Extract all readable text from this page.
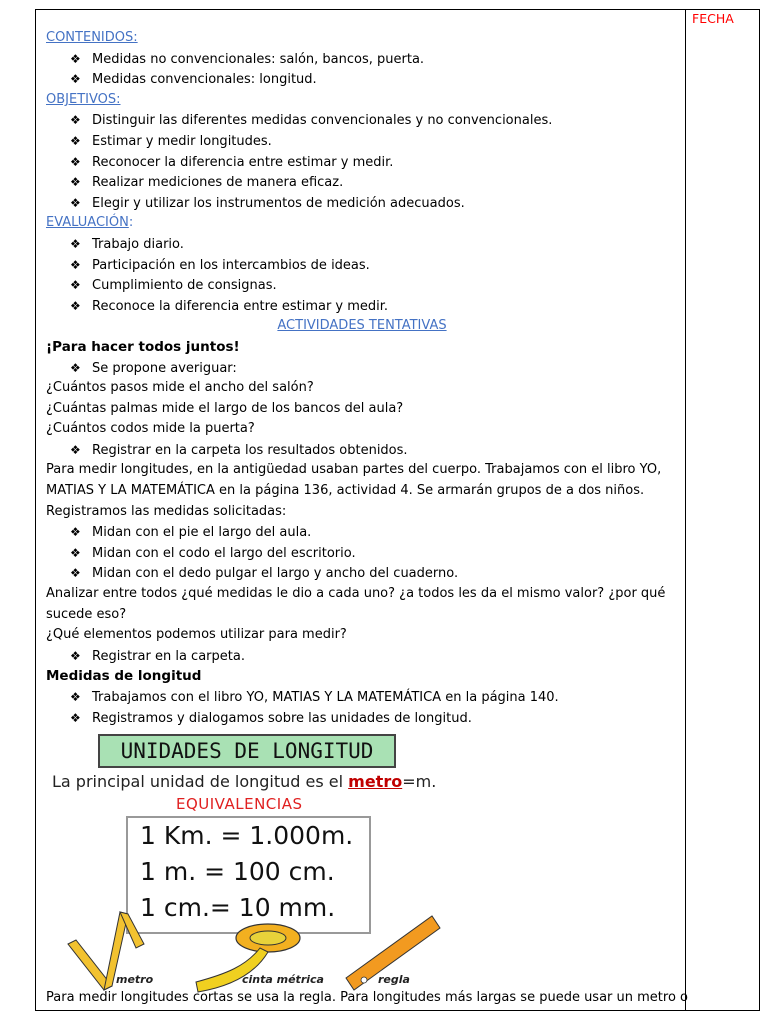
FECHA
CONTENIDOS:
❖ Medidas no convencionales: salón, bancos, puerta.
❖ Medidas convencionales: longitud.
OBJETIVOS:
❖ Distinguir las diferentes medidas convencionales y no convencionales.
❖ Estimar y medir longitudes.
❖ Reconocer la diferencia entre estimar y medir.
❖ Realizar mediciones de manera eficaz.
❖ Elegir y utilizar los instrumentos de medición adecuados.
EVALUACIÓN:
❖ Trabajo diario.
❖ Participación en los intercambios de ideas.
❖ Cumplimiento de consignas.
❖ Reconoce la diferencia entre estimar y medir.
ACTIVIDADES TENTATIVAS
¡Para hacer todos juntos!
❖ Se propone averiguar:
¿Cuántos pasos mide el ancho del salón?
¿Cuántas palmas mide el largo de los bancos del aula?
¿Cuántos codos mide la puerta?
❖ Registrar en la carpeta los resultados obtenidos.
Para medir longitudes, en la antigüedad usaban partes del cuerpo. Trabajamos con el libro YO,
MATIAS Y LA MATEMÁTICA en la página 136, actividad 4. Se armarán grupos de a dos niños.
Registramos las medidas solicitadas:
❖ Midan con el pie el largo del aula.
❖ Midan con el codo el largo del escritorio.
❖ Midan con el dedo pulgar el largo y ancho del cuaderno.
Analizar entre todos ¿qué medidas le dio a cada uno? ¿a todos les da el mismo valor? ¿por qué
sucede eso?
¿Qué elementos podemos utilizar para medir?
❖ Registrar en la carpeta.
Medidas de longitud
❖ Trabajamos con el libro YO, MATIAS Y LA MATEMÁTICA en la página 140.
❖ Registramos y dialogamos sobre las unidades de longitud.
UNIDADES DE LONGITUD
La principal unidad de longitud es el metro=m.
EQUIVALENCIAS
1 Km. = 1.000m.
1 m. = 100 cm.
1 cm.= 10 mm.
metro	cinta métrica	regla
Para medir longitudes cortas se usa la regla. Para longitudes más largas se puede usar un metro o
